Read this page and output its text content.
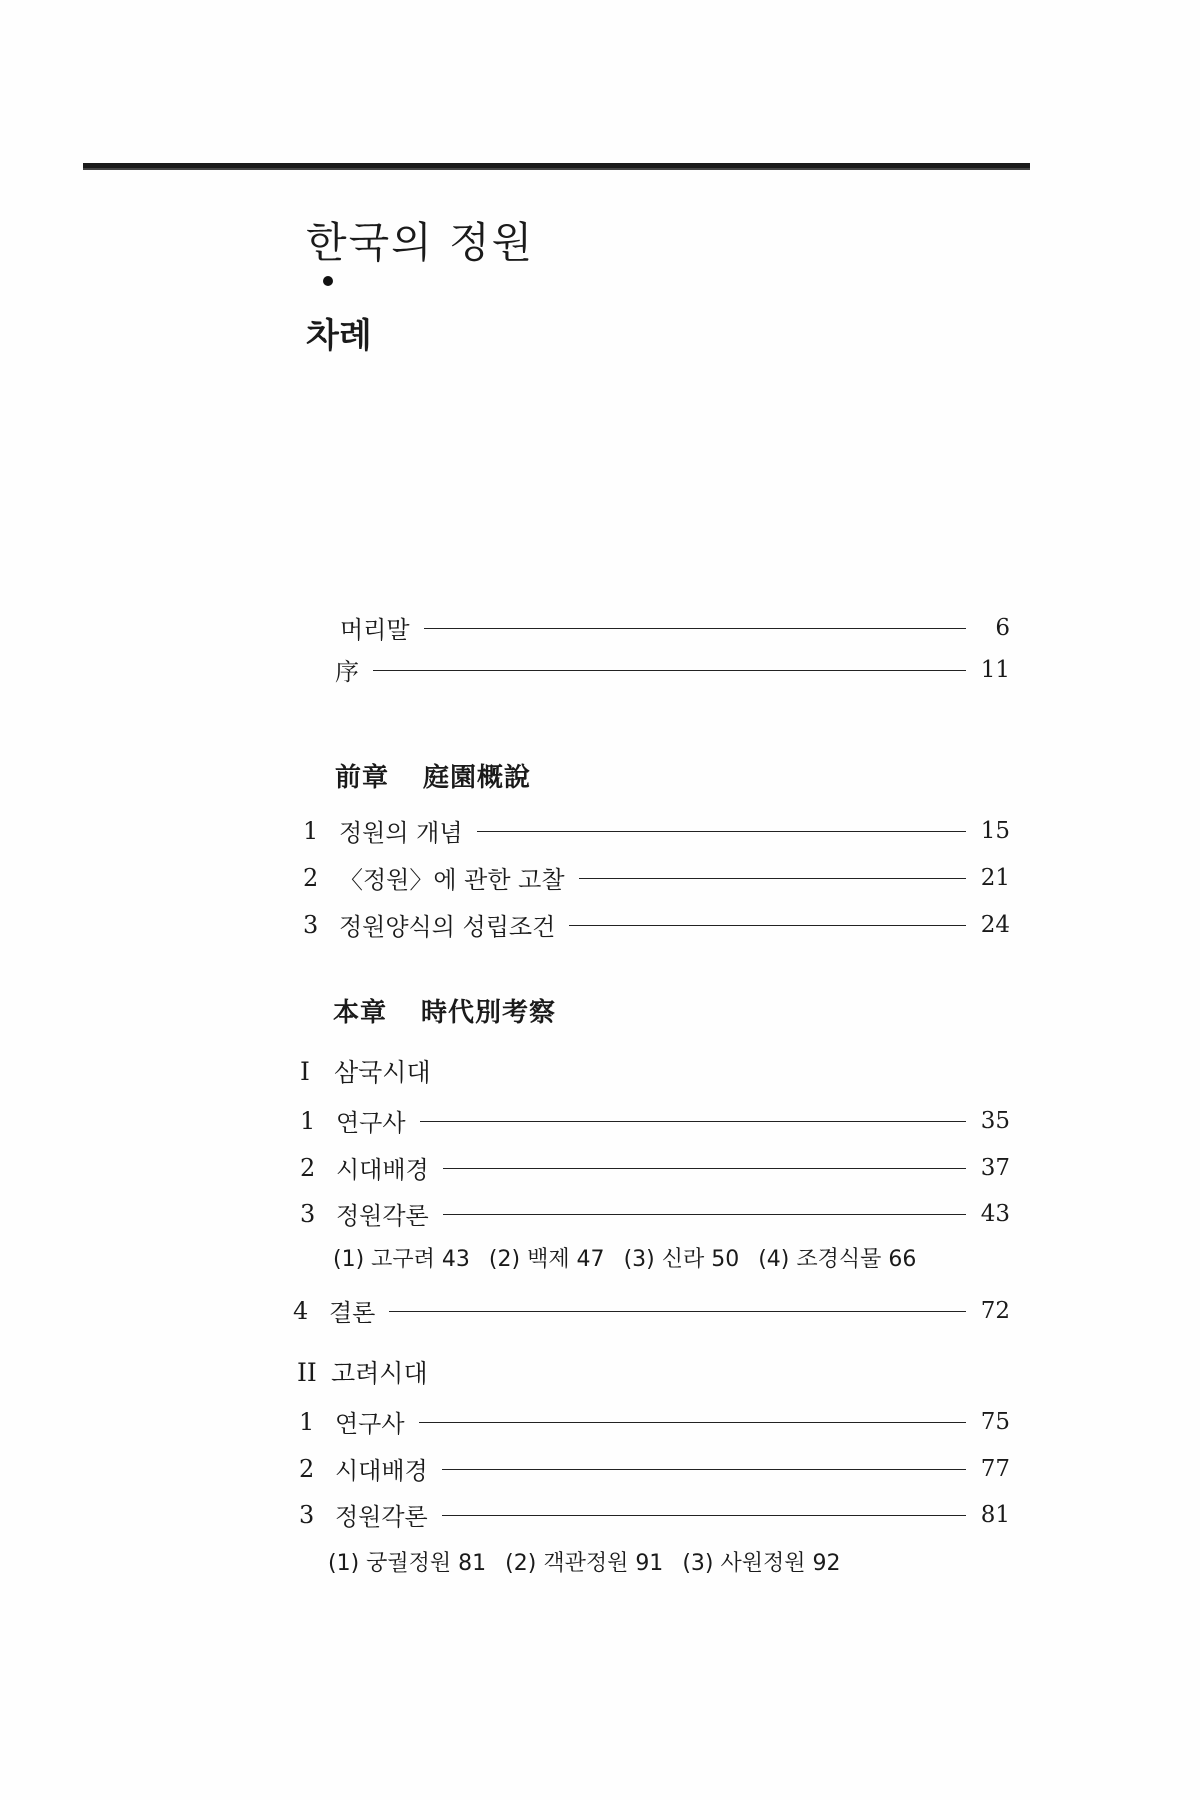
한국의 정원
차례
머리말	6
序	11
前章 庭園概說
1 정원의 개념	15
2 〈정원〉에 관한 고찰	21
3 정원양식의 성립조건	24
本章 時代別考察
I 삼국시대
1 연구사	35
2 시대배경	37
3 정원각론	43
(1) 고구려 43 (2) 백제 47 (3) 신라 50 (4) 조경식물 66
4 결론	72
II 고려시대
1 연구사	75
2 시대배경	77
3 정원각론	81
(1) 궁궐정원 81 (2) 객관정원 91 (3) 사원정원 92
